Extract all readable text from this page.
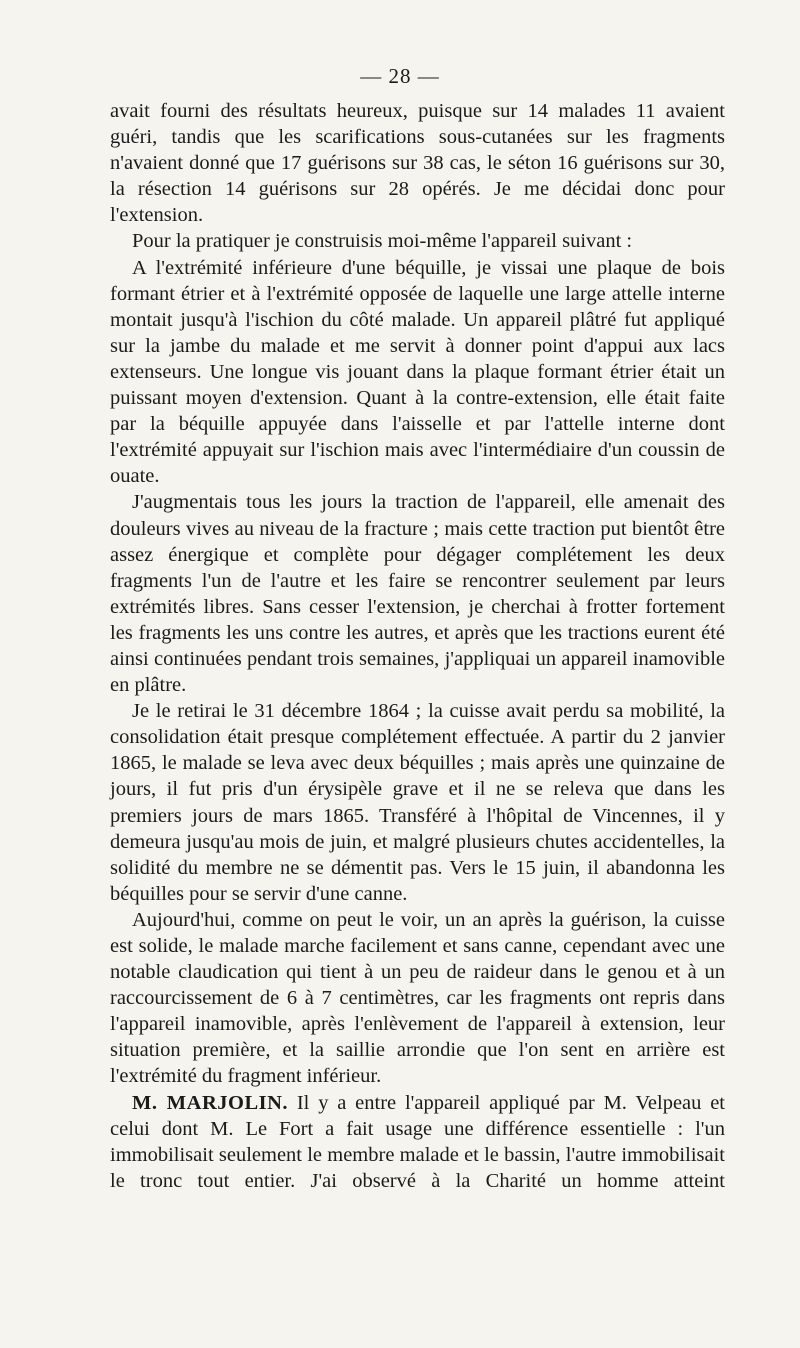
— 28 —

avait fourni des résultats heureux, puisque sur 14 malades 11 avaient guéri, tandis que les scarifications sous-cutanées sur les fragments n'avaient donné que 17 guérisons sur 38 cas, le séton 16 guérisons sur 30, la résection 14 guérisons sur 28 opérés. Je me décidai donc pour l'extension.

Pour la pratiquer je construisis moi-même l'appareil suivant :

A l'extrémité inférieure d'une béquille, je vissai une plaque de bois formant étrier et à l'extrémité opposée de laquelle une large attelle interne montait jusqu'à l'ischion du côté malade. Un appareil plâtré fut appliqué sur la jambe du malade et me servit à donner point d'appui aux lacs extenseurs. Une longue vis jouant dans la plaque formant étrier était un puissant moyen d'extension. Quant à la contre-extension, elle était faite par la béquille appuyée dans l'aisselle et par l'attelle interne dont l'extrémité appuyait sur l'ischion mais avec l'intermédiaire d'un coussin de ouate.

J'augmentais tous les jours la traction de l'appareil, elle amenait des douleurs vives au niveau de la fracture ; mais cette traction put bientôt être assez énergique et complète pour dégager complétement les deux fragments l'un de l'autre et les faire se rencontrer seulement par leurs extrémités libres. Sans cesser l'extension, je cherchai à frotter fortement les fragments les uns contre les autres, et après que les tractions eurent été ainsi continuées pendant trois semaines, j'appliquai un appareil inamovible en plâtre.

Je le retirai le 31 décembre 1864 ; la cuisse avait perdu sa mobilité, la consolidation était presque complétement effectuée. A partir du 2 janvier 1865, le malade se leva avec deux béquilles ; mais après une quinzaine de jours, il fut pris d'un érysipèle grave et il ne se releva que dans les premiers jours de mars 1865. Transféré à l'hôpital de Vincennes, il y demeura jusqu'au mois de juin, et malgré plusieurs chutes accidentelles, la solidité du membre ne se démentit pas. Vers le 15 juin, il abandonna les béquilles pour se servir d'une canne.

Aujourd'hui, comme on peut le voir, un an après la guérison, la cuisse est solide, le malade marche facilement et sans canne, cependant avec une notable claudication qui tient à un peu de raideur dans le genou et à un raccourcissement de 6 à 7 centimètres, car les fragments ont repris dans l'appareil inamovible, après l'enlèvement de l'appareil à extension, leur situation première, et la saillie arrondie que l'on sent en arrière est l'extrémité du fragment inférieur.

M. MARJOLIN. Il y a entre l'appareil appliqué par M. Velpeau et celui dont M. Le Fort a fait usage une différence essentielle : l'un immobilisait seulement le membre malade et le bassin, l'autre immobilisait le tronc tout entier. J'ai observé à la Charité un homme atteint
